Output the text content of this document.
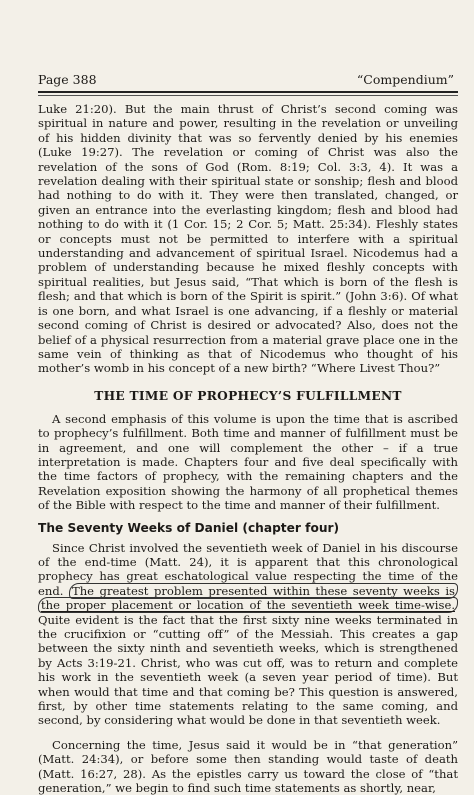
Page 388	“Compendium”

Luke 21:20). But the main thrust of Christ’s second coming was spiritual in nature and power, resulting in the revelation or unveiling of his hidden divinity that was so fervently denied by his enemies (Luke 19:27). The revelation or coming of Christ was also the revelation of the sons of God (Rom. 8:19; Col. 3:3, 4). It was a revelation dealing with their spiritual state or sonship; flesh and blood had nothing to do with it. They were then translated, changed, or given an entrance into the everlasting kingdom; flesh and blood had nothing to do with it (1 Cor. 15; 2 Cor. 5; Matt. 25:34). Fleshly states or concepts must not be permitted to interfere with a spiritual understanding and advancement of spiritual Israel. Nicodemus had a problem of understanding because he mixed fleshly concepts with spiritual realities, but Jesus said, “That which is born of the flesh is flesh; and that which is born of the Spirit is spirit.” (John 3:6). Of what is one born, and what Israel is one advancing, if a fleshly or material second coming of Christ is desired or advocated? Also, does not the belief of a physical resurrection from a material grave place one in the same vein of thinking as that of Nicodemus who thought of his mother’s womb in his concept of a new birth? “Where Livest Thou?”

THE TIME OF PROPHECY’S FULFILLMENT

A second emphasis of this volume is upon the time that is ascribed to prophecy’s fulfillment. Both time and manner of fulfillment must be in agreement, and one will complement the other – if a true interpretation is made. Chapters four and five deal specifically with the time factors of prophecy, with the remaining chapters and the Revelation exposition showing the harmony of all prophetical themes of the Bible with respect to the time and manner of their fulfillment.

The Seventy Weeks of Daniel (chapter four)

Since Christ involved the seventieth week of Daniel in his discourse of the end-time (Matt. 24), it is apparent that this chronological prophecy has great eschatological value respecting the time of the end. The greatest problem presented within these seventy weeks is the proper placement or location of the seventieth week time-wise. Quite evident is the fact that the first sixty nine weeks terminated in the crucifixion or “cutting off” of the Messiah. This creates a gap between the sixty ninth and seventieth weeks, which is strengthened by Acts 3:19-21. Christ, who was cut off, was to return and complete his work in the seventieth week (a seven year period of time). But when would that time and that coming be? This question is answered, first, by other time statements relating to the same coming, and second, by considering what would be done in that seventieth week.

Concerning the time, Jesus said it would be in “that generation” (Matt. 24:34), or before some then standing would taste of death (Matt. 16:27, 28). As the epistles carry us toward the close of “that generation,” we begin to find such time statements as shortly, near,
